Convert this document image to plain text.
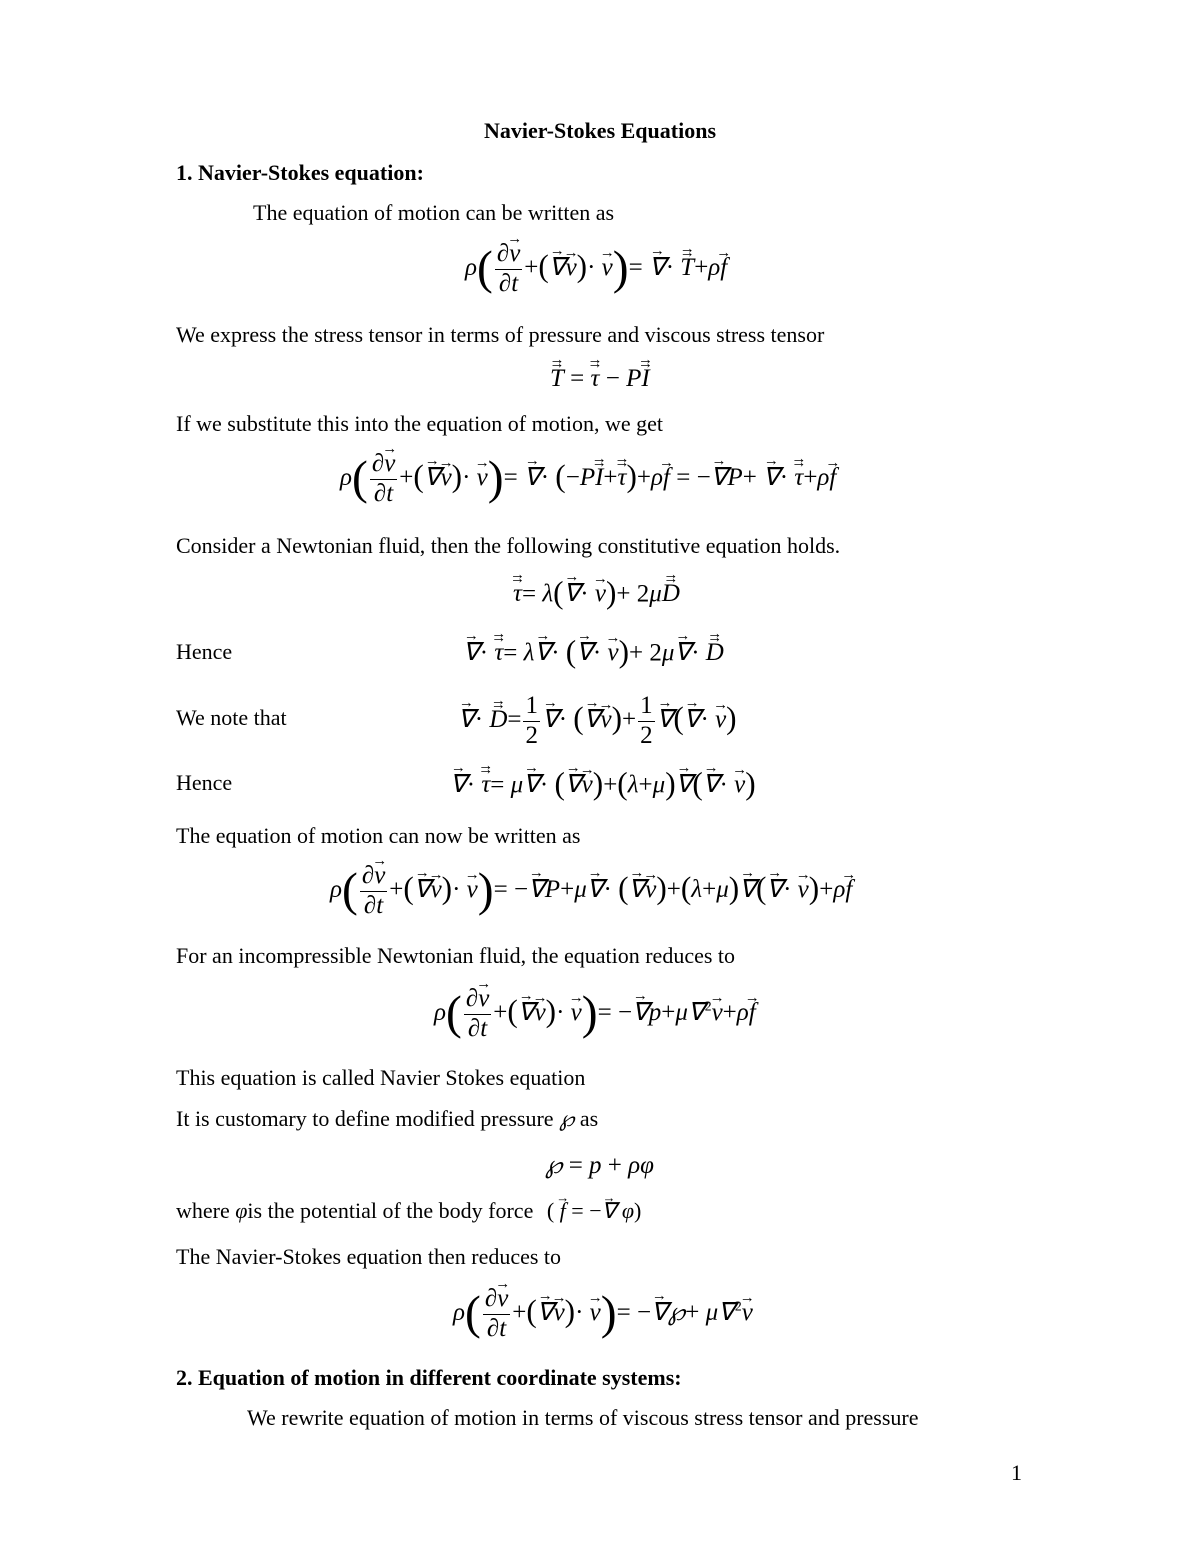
Navier-Stokes Equations
1. Navier-Stokes equation:
The equation of motion can be written as
$\rho( \frac{\partial\to v}{\partial t}$ +(→ ∇→ v)· → v)= → ∇· → T →+ρ→ f
We express the stress tensor in terms of pressure and viscous stress tensor
→ T → = → τ → − P→ I →
If we substitute this into the equation of motion, we get
$\rho( \frac{\partial\to v}{\partial t}$ +(→ ∇→ v)· → v)= → ∇· (−P→ I →+→ τ →)+ρ→ f = −→ ∇P+ → ∇· → τ →+ρ→ f
Consider a Newtonian fluid, then the following constitutive equation holds.
→ τ →= λ(→ ∇· → v)+ 2μ→ D →
Hence	→ ∇· → τ →= λ→ ∇· (→ ∇· → v)+ 2μ→ ∇· → D →
We note that	→ ∇· → $D \to= \frac{1}{2}$ → ∇· (→ ∇→ $v)+ \frac{1}{2}$ → ∇(→ ∇· → v)
Hence	→ ∇· → τ →= μ→ ∇· (→ ∇→ v)+(λ+μ)→ ∇(→ ∇· → v)
The equation of motion can now be written as
$\rho( \frac{\partial\to v}{\partial t}$ +(→ ∇→ v)· → v)= −→ ∇P+μ→ ∇· (→ ∇→ v)+(λ+μ)→ ∇(→ ∇· → v)+ρ→ f
For an incompressible Newtonian fluid, the equation reduces to
$\rho( \frac{\partial\to v}{\partial t}$ +(→ ∇→ v)· → v)= −→ ∇p+μ∇$^2$→ v+ρ→ f
This equation is called Navier Stokes equation
It is customary to define modified pressure ℘ as
℘ = p + ρφ
where φis the potential of the body force ( → f = −→ ∇ φ)
The Navier-Stokes equation then reduces to
$\rho( \frac{\partial\to v}{\partial t}$ +(→ ∇→ v)· → v)= −→ ∇℘+ μ∇$^2$→ v
2. Equation of motion in different coordinate systems:
We rewrite equation of motion in terms of viscous stress tensor and pressure
1
